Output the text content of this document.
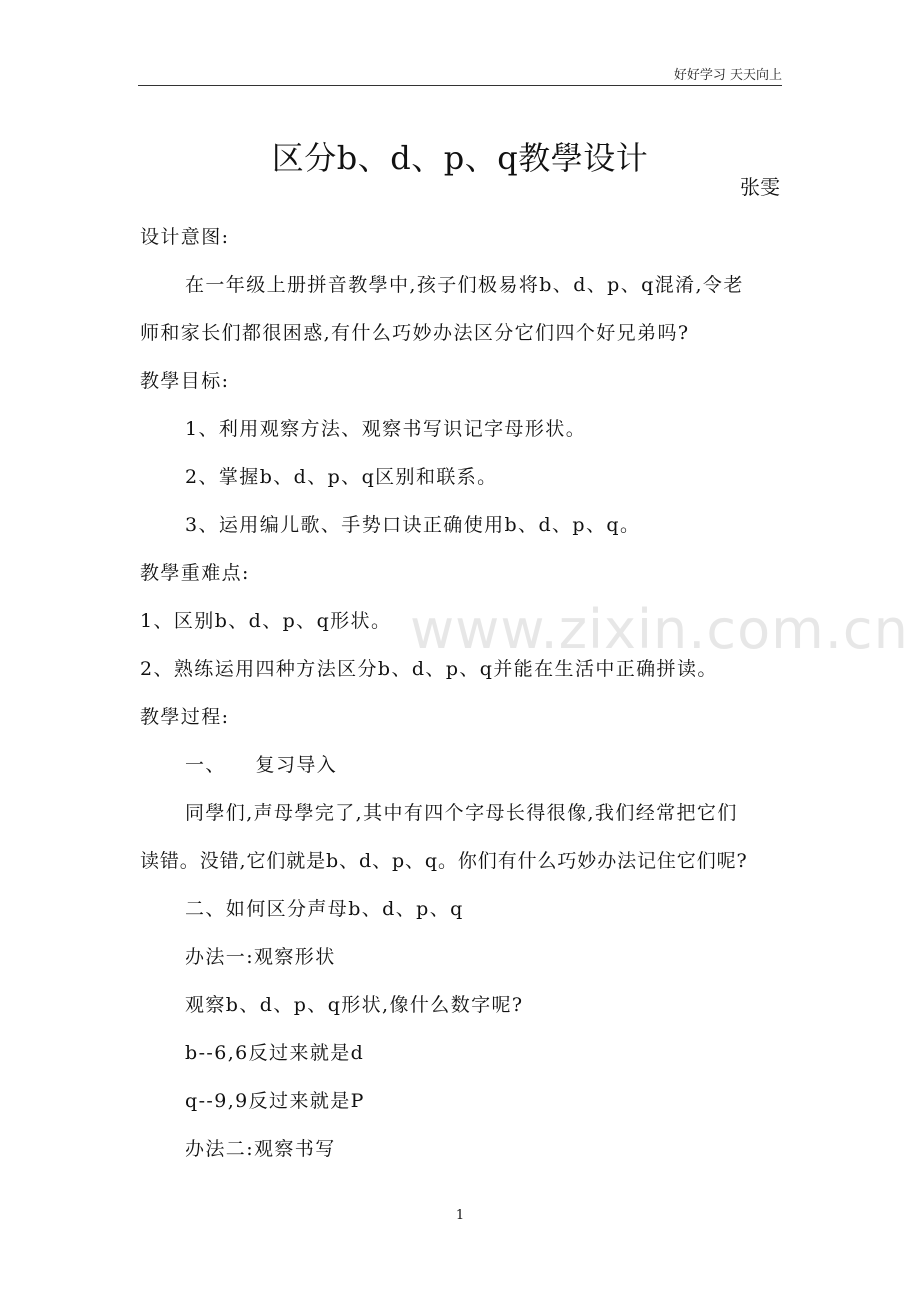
好好学习 天天向上
www.zixin.com.cn
区分b、d、p、q教學设计
张雯
设计意图:
在一年级上册拼音教學中,孩子们极易将b、d、p、q混淆,令老
师和家长们都很困惑,有什么巧妙办法区分它们四个好兄弟吗?
教學目标:
1、利用观察方法、观察书写识记字母形状。
2、掌握b、d、p、q区别和联系。
3、运用编儿歌、手势口诀正确使用b、d、p、q。
教學重难点:
1、区别b、d、p、q形状。
2、熟练运用四种方法区分b、d、p、q并能在生活中正确拼读。
教學过程:
一、    复习导入
同學们,声母學完了,其中有四个字母长得很像,我们经常把它们
读错。没错,它们就是b、d、p、q。你们有什么巧妙办法记住它们呢?
二、如何区分声母b、d、p、q
办法一:观察形状
观察b、d、p、q形状,像什么数字呢?
b--6,6反过来就是d
q--9,9反过来就是P
办法二:观察书写
1
